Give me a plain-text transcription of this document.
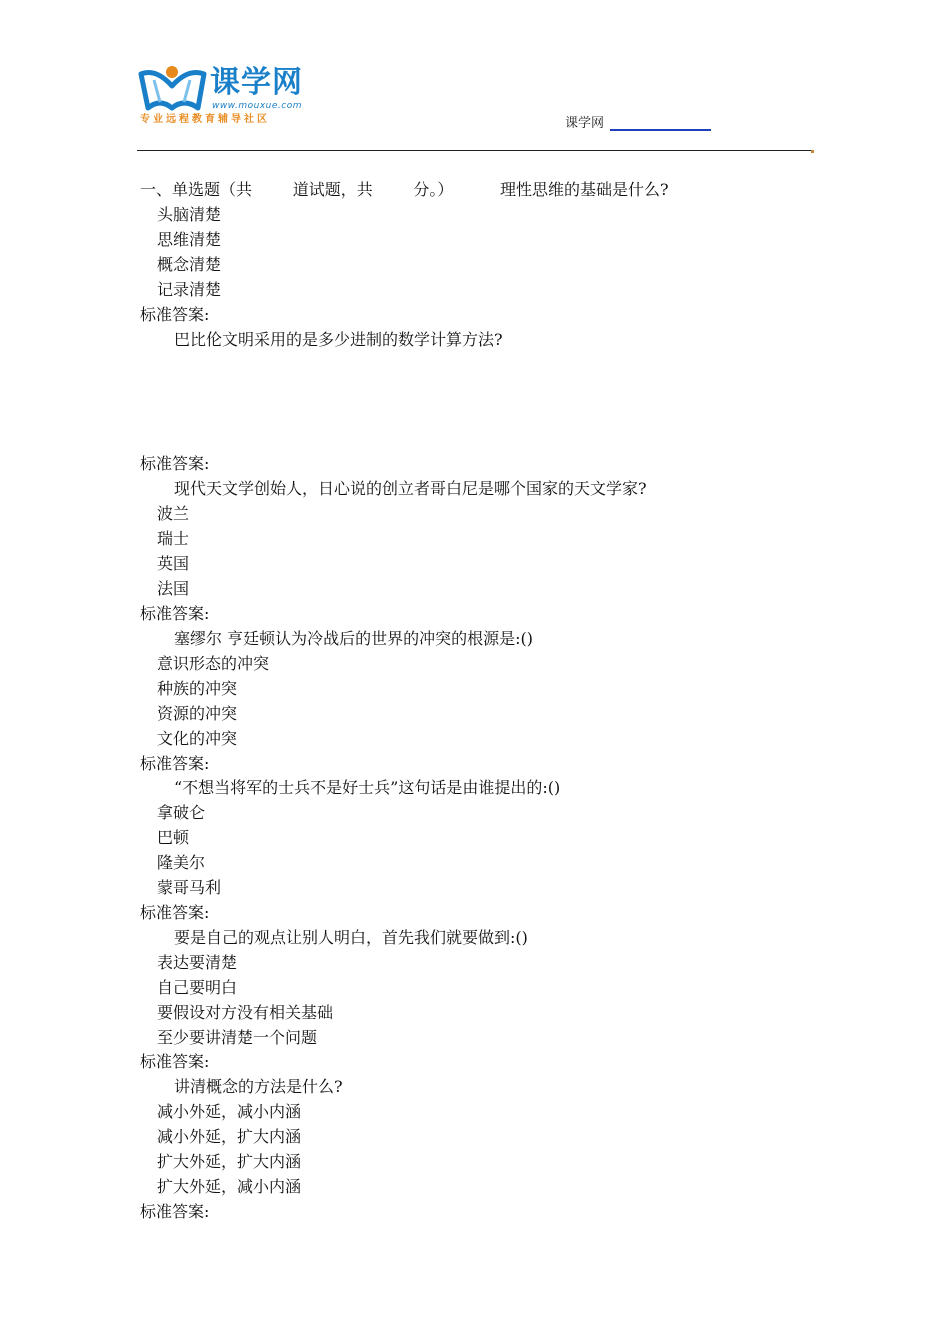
课学网
www.mouxue.com
专业远程教育辅导社区	课学网
一、单选题（共        道试题，共        分。）	理性思维的基础是什么?
头脑清楚
思维清楚
概念清楚
记录清楚
标准答案:
巴比伦文明采用的是多少进制的数学计算方法?
标准答案:
现代天文学创始人，日心说的创立者哥白尼是哪个国家的天文学家?
波兰
瑞士
英国
法国
标准答案:
塞缪尔 亨廷顿认为冷战后的世界的冲突的根源是:()
意识形态的冲突
种族的冲突
资源的冲突
文化的冲突
标准答案:
“不想当将军的士兵不是好士兵”这句话是由谁提出的:()
拿破仑
巴顿
隆美尔
蒙哥马利
标准答案:
要是自己的观点让别人明白，首先我们就要做到:()
表达要清楚
自己要明白
要假设对方没有相关基础
至少要讲清楚一个问题
标准答案:
讲清概念的方法是什么?
减小外延，减小内涵
减小外延，扩大内涵
扩大外延，扩大内涵
扩大外延，减小内涵
标准答案:
